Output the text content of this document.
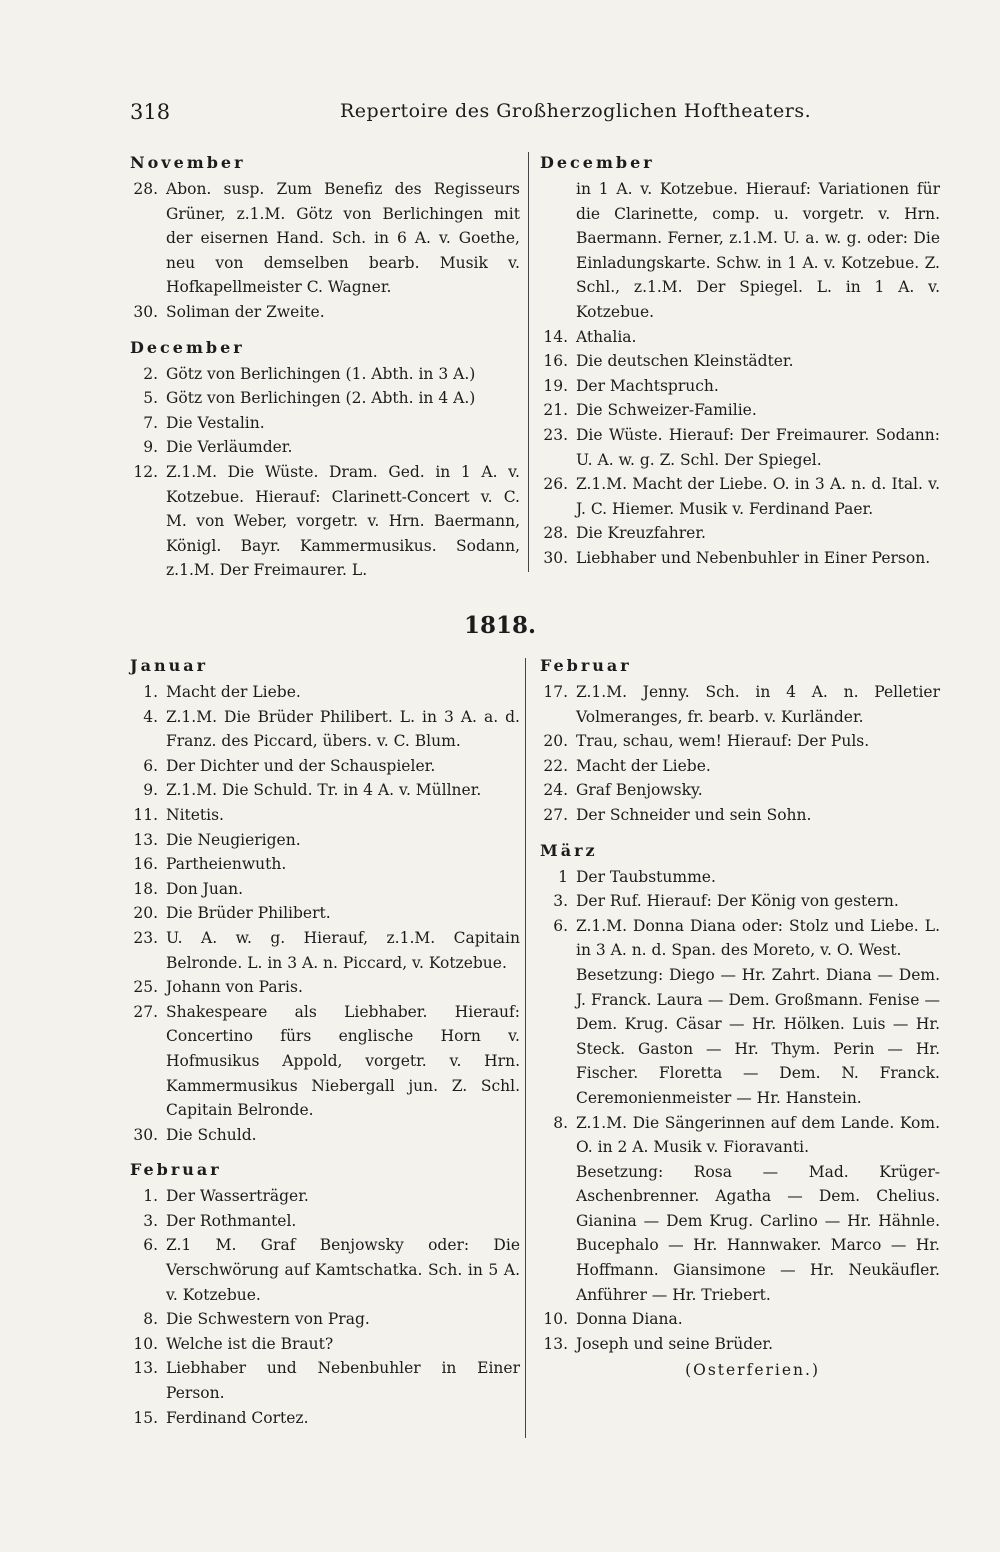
318	Repertoire des Großherzoglichen Hoftheaters.
November
28. Abon. susp. Zum Benefiz des Regisseurs Grüner, z.1.M. Götz von Berlichingen mit der eisernen Hand. Sch. in 6 A. v. Goethe, neu von demselben bearb. Musik v. Hofkapellmeister C. Wagner.
30. Soliman der Zweite.
December
2. Götz von Berlichingen (1. Abth. in 3 A.)
5. Götz von Berlichingen (2. Abth. in 4 A.)
7. Die Vestalin.
9. Die Verläumder.
12. Z.1.M. Die Wüste. Dram. Ged. in 1 A. v. Kotzebue. Hierauf: Clarinett-Concert v. C. M. von Weber, vorgetr. v. Hrn. Baermann, Königl. Bayr. Kammermusikus. Sodann, z.1.M. Der Freimaurer. L.
December
in 1 A. v. Kotzebue. Hierauf: Variationen für die Clarinette, comp. u. vorgetr. v. Hrn. Baermann. Ferner, z.1.M. U. a. w. g. oder: Die Einladungskarte. Schw. in 1 A. v. Kotzebue. Z. Schl., z.1.M. Der Spiegel. L. in 1 A. v. Kotzebue.
14. Athalia.
16. Die deutschen Kleinstädter.
19. Der Machtspruch.
21. Die Schweizer-Familie.
23. Die Wüste. Hierauf: Der Freimaurer. Sodann: U. A. w. g. Z. Schl. Der Spiegel.
26. Z.1.M. Macht der Liebe. O. in 3 A. n. d. Ital. v. J. C. Hiemer. Musik v. Ferdinand Paer.
28. Die Kreuzfahrer.
30. Liebhaber und Nebenbuhler in Einer Person.
1818.
Januar
1. Macht der Liebe.
4. Z.1.M. Die Brüder Philibert. L. in 3 A. a. d. Franz. des Piccard, übers. v. C. Blum.
6. Der Dichter und der Schauspieler.
9. Z.1.M. Die Schuld. Tr. in 4 A. v. Müllner.
11. Nitetis.
13. Die Neugierigen.
16. Partheienwuth.
18. Don Juan.
20. Die Brüder Philibert.
23. U. A. w. g. Hierauf, z.1.M. Capitain Belronde. L. in 3 A. n. Piccard, v. Kotzebue.
25. Johann von Paris.
27. Shakespeare als Liebhaber. Hierauf: Concertino fürs englische Horn v. Hofmusikus Appold, vorgetr. v. Hrn. Kammermusikus Niebergall jun. Z. Schl. Capitain Belronde.
30. Die Schuld.
Februar
1. Der Wasserträger.
3. Der Rothmantel.
6. Z.1 M. Graf Benjowsky oder: Die Verschwörung auf Kamtschatka. Sch. in 5 A. v. Kotzebue.
8. Die Schwestern von Prag.
10. Welche ist die Braut?
13. Liebhaber und Nebenbuhler in Einer Person.
15. Ferdinand Cortez.
Februar
17. Z.1.M. Jenny. Sch. in 4 A. n. Pelletier Volmeranges, fr. bearb. v. Kurländer.
20. Trau, schau, wem! Hierauf: Der Puls.
22. Macht der Liebe.
24. Graf Benjowsky.
27. Der Schneider und sein Sohn.
März
1 Der Taubstumme.
3. Der Ruf. Hierauf: Der König von gestern.
6. Z.1.M. Donna Diana oder: Stolz und Liebe. L. in 3 A. n. d. Span. des Moreto, v. O. West.
Besetzung: Diego — Hr. Zahrt. Diana — Dem. J. Franck. Laura — Dem. Großmann. Fenise — Dem. Krug. Cäsar — Hr. Hölken. Luis — Hr. Steck. Gaston — Hr. Thym. Perin — Hr. Fischer. Floretta — Dem. N. Franck. Ceremonienmeister — Hr. Hanstein.
8. Z.1.M. Die Sängerinnen auf dem Lande. Kom. O. in 2 A. Musik v. Fioravanti.
Besetzung: Rosa — Mad. Krüger-Aschenbrenner. Agatha — Dem. Chelius. Gianina — Dem Krug. Carlino — Hr. Hähnle. Bucephalo — Hr. Hannwaker. Marco — Hr. Hoffmann. Giansimone — Hr. Neukäufler. Anführer — Hr. Triebert.
10. Donna Diana.
13. Joseph und seine Brüder.
(Osterferien.)
